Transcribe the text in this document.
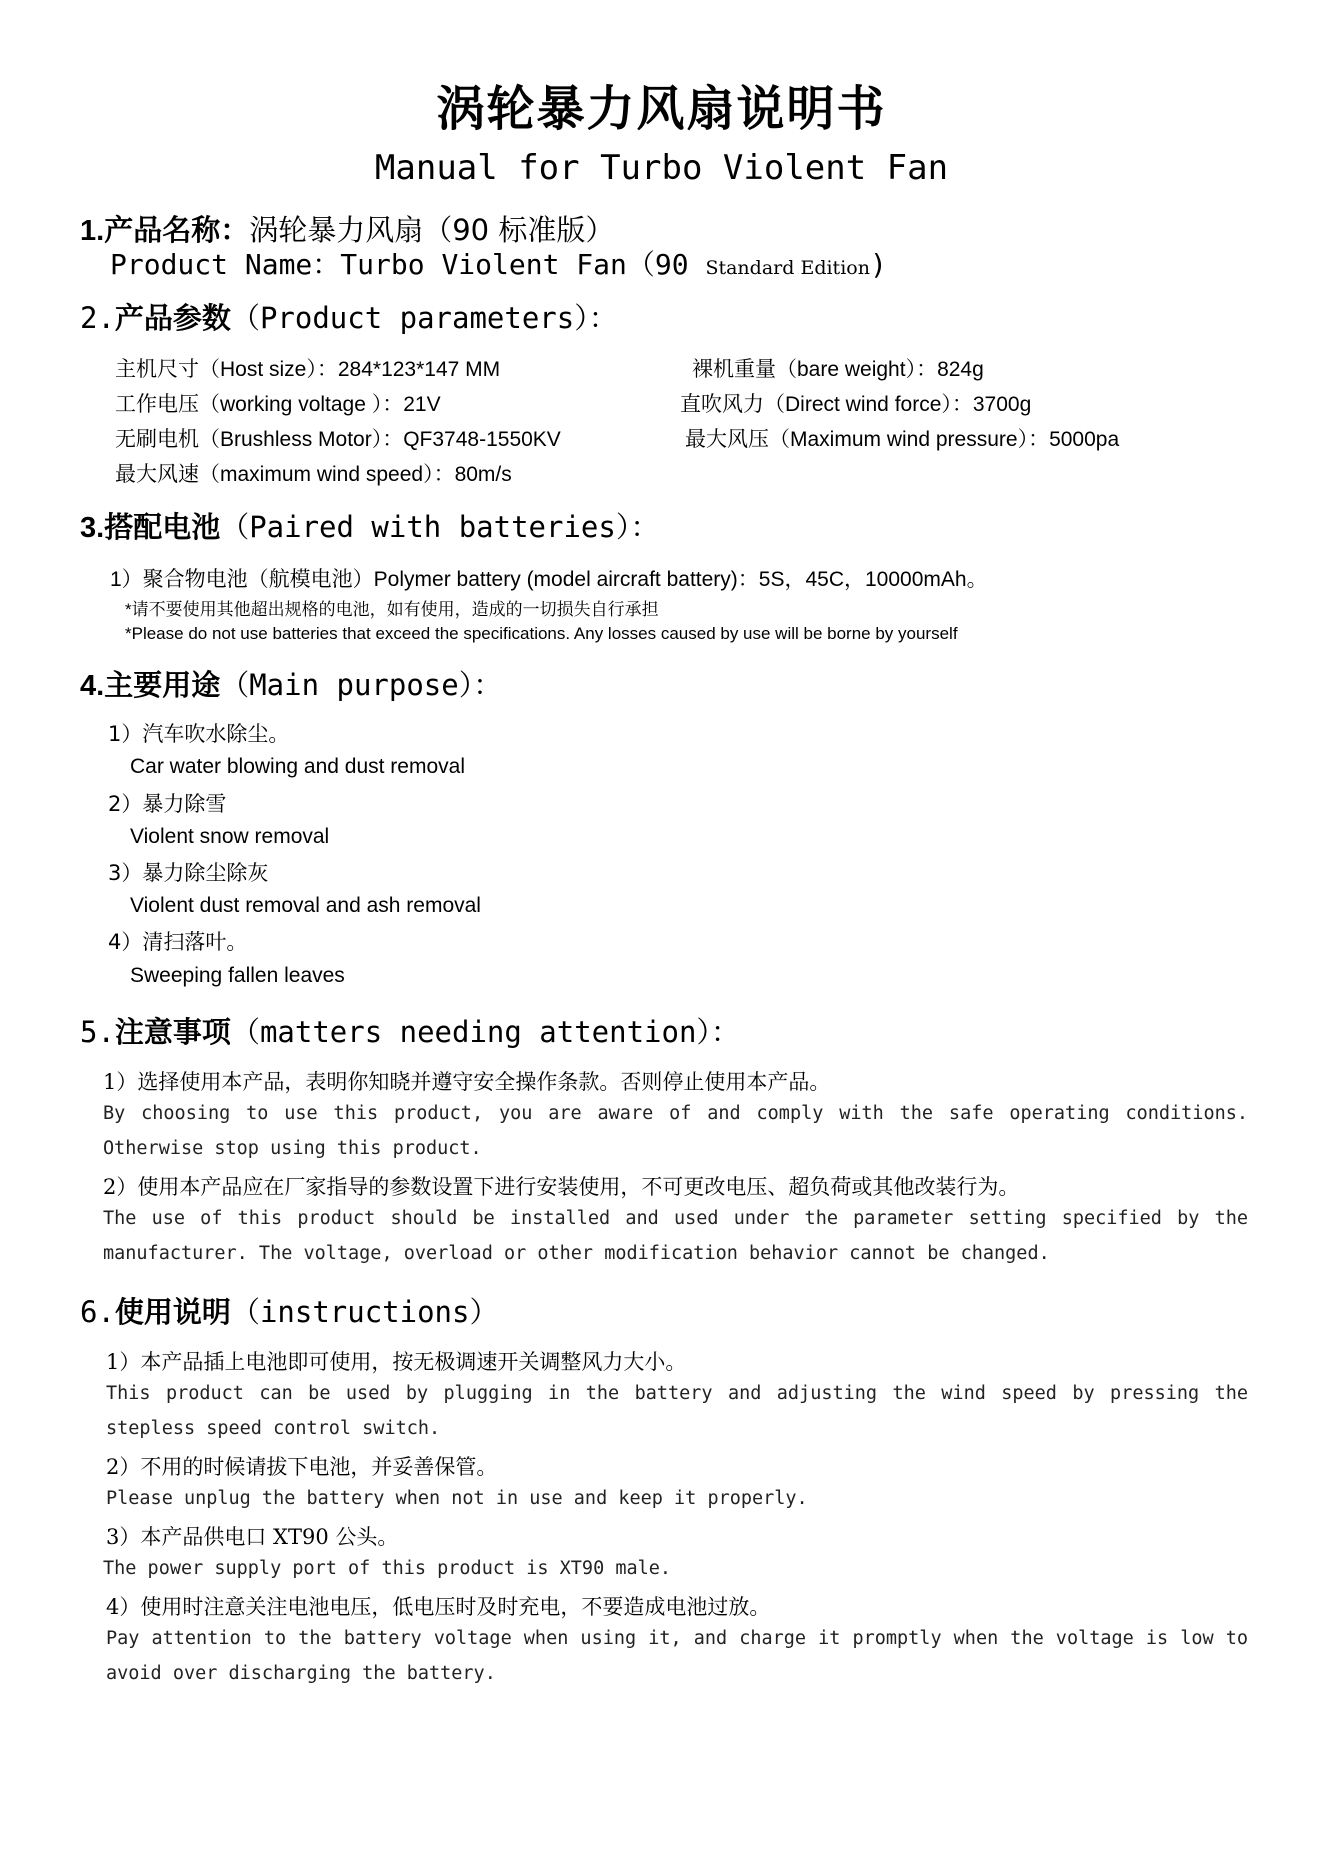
涡轮暴力风扇说明书
Manual for Turbo Violent Fan
1.产品名称：涡轮暴力风扇（90 标准版）
Product Name：Turbo Violent Fan（90 Standard Edition)
2.产品参数（Product parameters）：
主机尺寸（Host size）：284*123*147 MM	裸机重量（bare weight）：824g
工作电压（working voltage ）：21V	直吹风力（Direct wind force）：3700g
无刷电机（Brushless Motor）：QF3748-1550KV	最大风压（Maximum wind pressure）：5000pa
最大风速（maximum wind speed）：80m/s
3.搭配电池（Paired with batteries）：
1）聚合物电池（航模电池）Polymer battery (model aircraft battery)：5S，45C，10000mAh。
*请不要使用其他超出规格的电池，如有使用，造成的一切损失自行承担
*Please do not use batteries that exceed the specifications. Any losses caused by use will be borne by yourself
4.主要用途（Main purpose）：
1）汽车吹水除尘。
Car water blowing and dust removal
2）暴力除雪
Violent snow removal
3）暴力除尘除灰
Violent dust removal and ash removal
4）清扫落叶。
Sweeping fallen leaves
5.注意事项（matters needing attention）：
1）选择使用本产品，表明你知晓并遵守安全操作条款。否则停止使用本产品。
By choosing to use this product, you are aware of and comply with the safe operating conditions. Otherwise stop using this product.
2）使用本产品应在厂家指导的参数设置下进行安装使用，不可更改电压、超负荷或其他改装行为。
The use of this product should be installed and used under the parameter setting specified by the manufacturer. The voltage, overload or other modification behavior cannot be changed.
6.使用说明（instructions）
1）本产品插上电池即可使用，按无极调速开关调整风力大小。
This product can be used by plugging in the battery and adjusting the wind speed by pressing the stepless speed control switch.
2）不用的时候请拔下电池，并妥善保管。
Please unplug the battery when not in use and keep it properly.
3）本产品供电口 XT90 公头。
The power supply port of this product is XT90 male.
4）使用时注意关注电池电压，低电压时及时充电，不要造成电池过放。
Pay attention to the battery voltage when using it, and charge it promptly when the voltage is low to avoid over discharging the battery.
